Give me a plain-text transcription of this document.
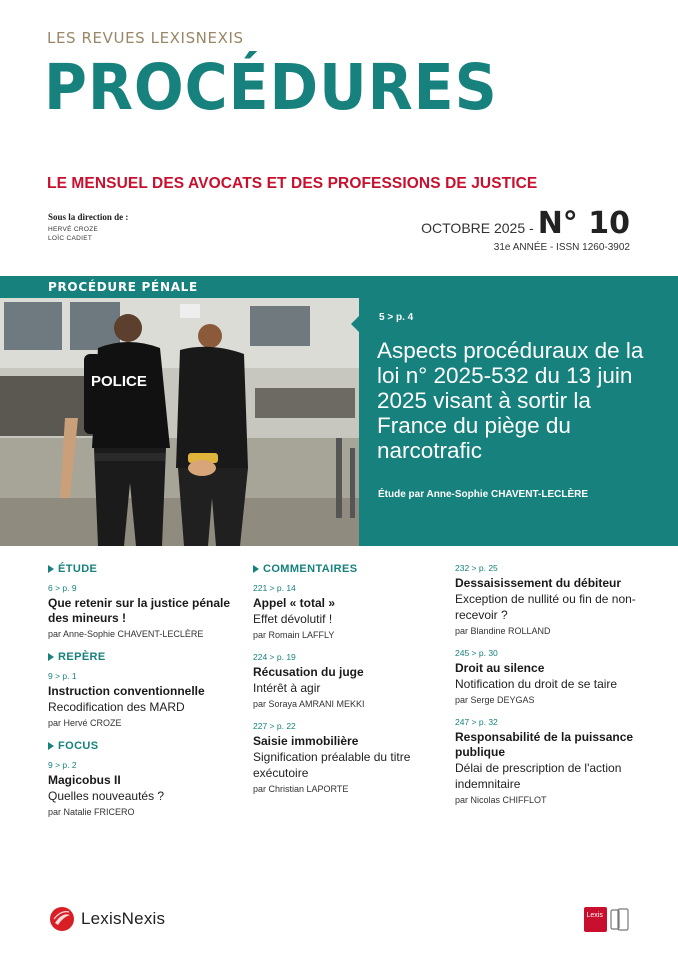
LES REVUES LEXISNEXIS
PROCÉDURES
LE MENSUEL DES AVOCATS ET DES PROFESSIONS DE JUSTICE
Sous la direction de :
HERVÉ CROZE
LOÏC CADIET
OCTOBRE 2025 - N° 10
31e ANNÉE - ISSN 1260-3902
PROCÉDURE PÉNALE
POLICE
5 > p. 4
Aspects procéduraux de la loi n° 2025-532 du 13 juin 2025 visant à sortir la France du piège du narcotrafic
Étude par Anne-Sophie CHAVENT-LECLÈRE
ÉTUDE
6 > p. 9
Que retenir sur la justice pénale des mineurs !
par Anne-Sophie CHAVENT-LECLÈRE
REPÈRE
9 > p. 1
Instruction conventionnelle
Recodification des MARD
par Hervé CROZE
FOCUS
9 > p. 2
Magicobus II
Quelles nouveautés ?
par Natalie FRICERO
COMMENTAIRES
221 > p. 14
Appel « total »
Effet dévolutif !
par Romain LAFFLY
224 > p. 19
Récusation du juge
Intérêt à agir
par Soraya AMRANI MEKKI
227 > p. 22
Saisie immobilière
Signification préalable du titre exécutoire
par Christian LAPORTE
232 > p. 25
Dessaisissement du débiteur
Exception de nullité ou fin de non-recevoir ?
par Blandine ROLLAND
245 > p. 30
Droit au silence
Notification du droit de se taire
par Serge DEYGAS
247 > p. 32
Responsabilité de la puissance publique
Délai de prescription de l'action indemnitaire
par Nicolas CHIFFLOT
LexisNexis	Lexis
